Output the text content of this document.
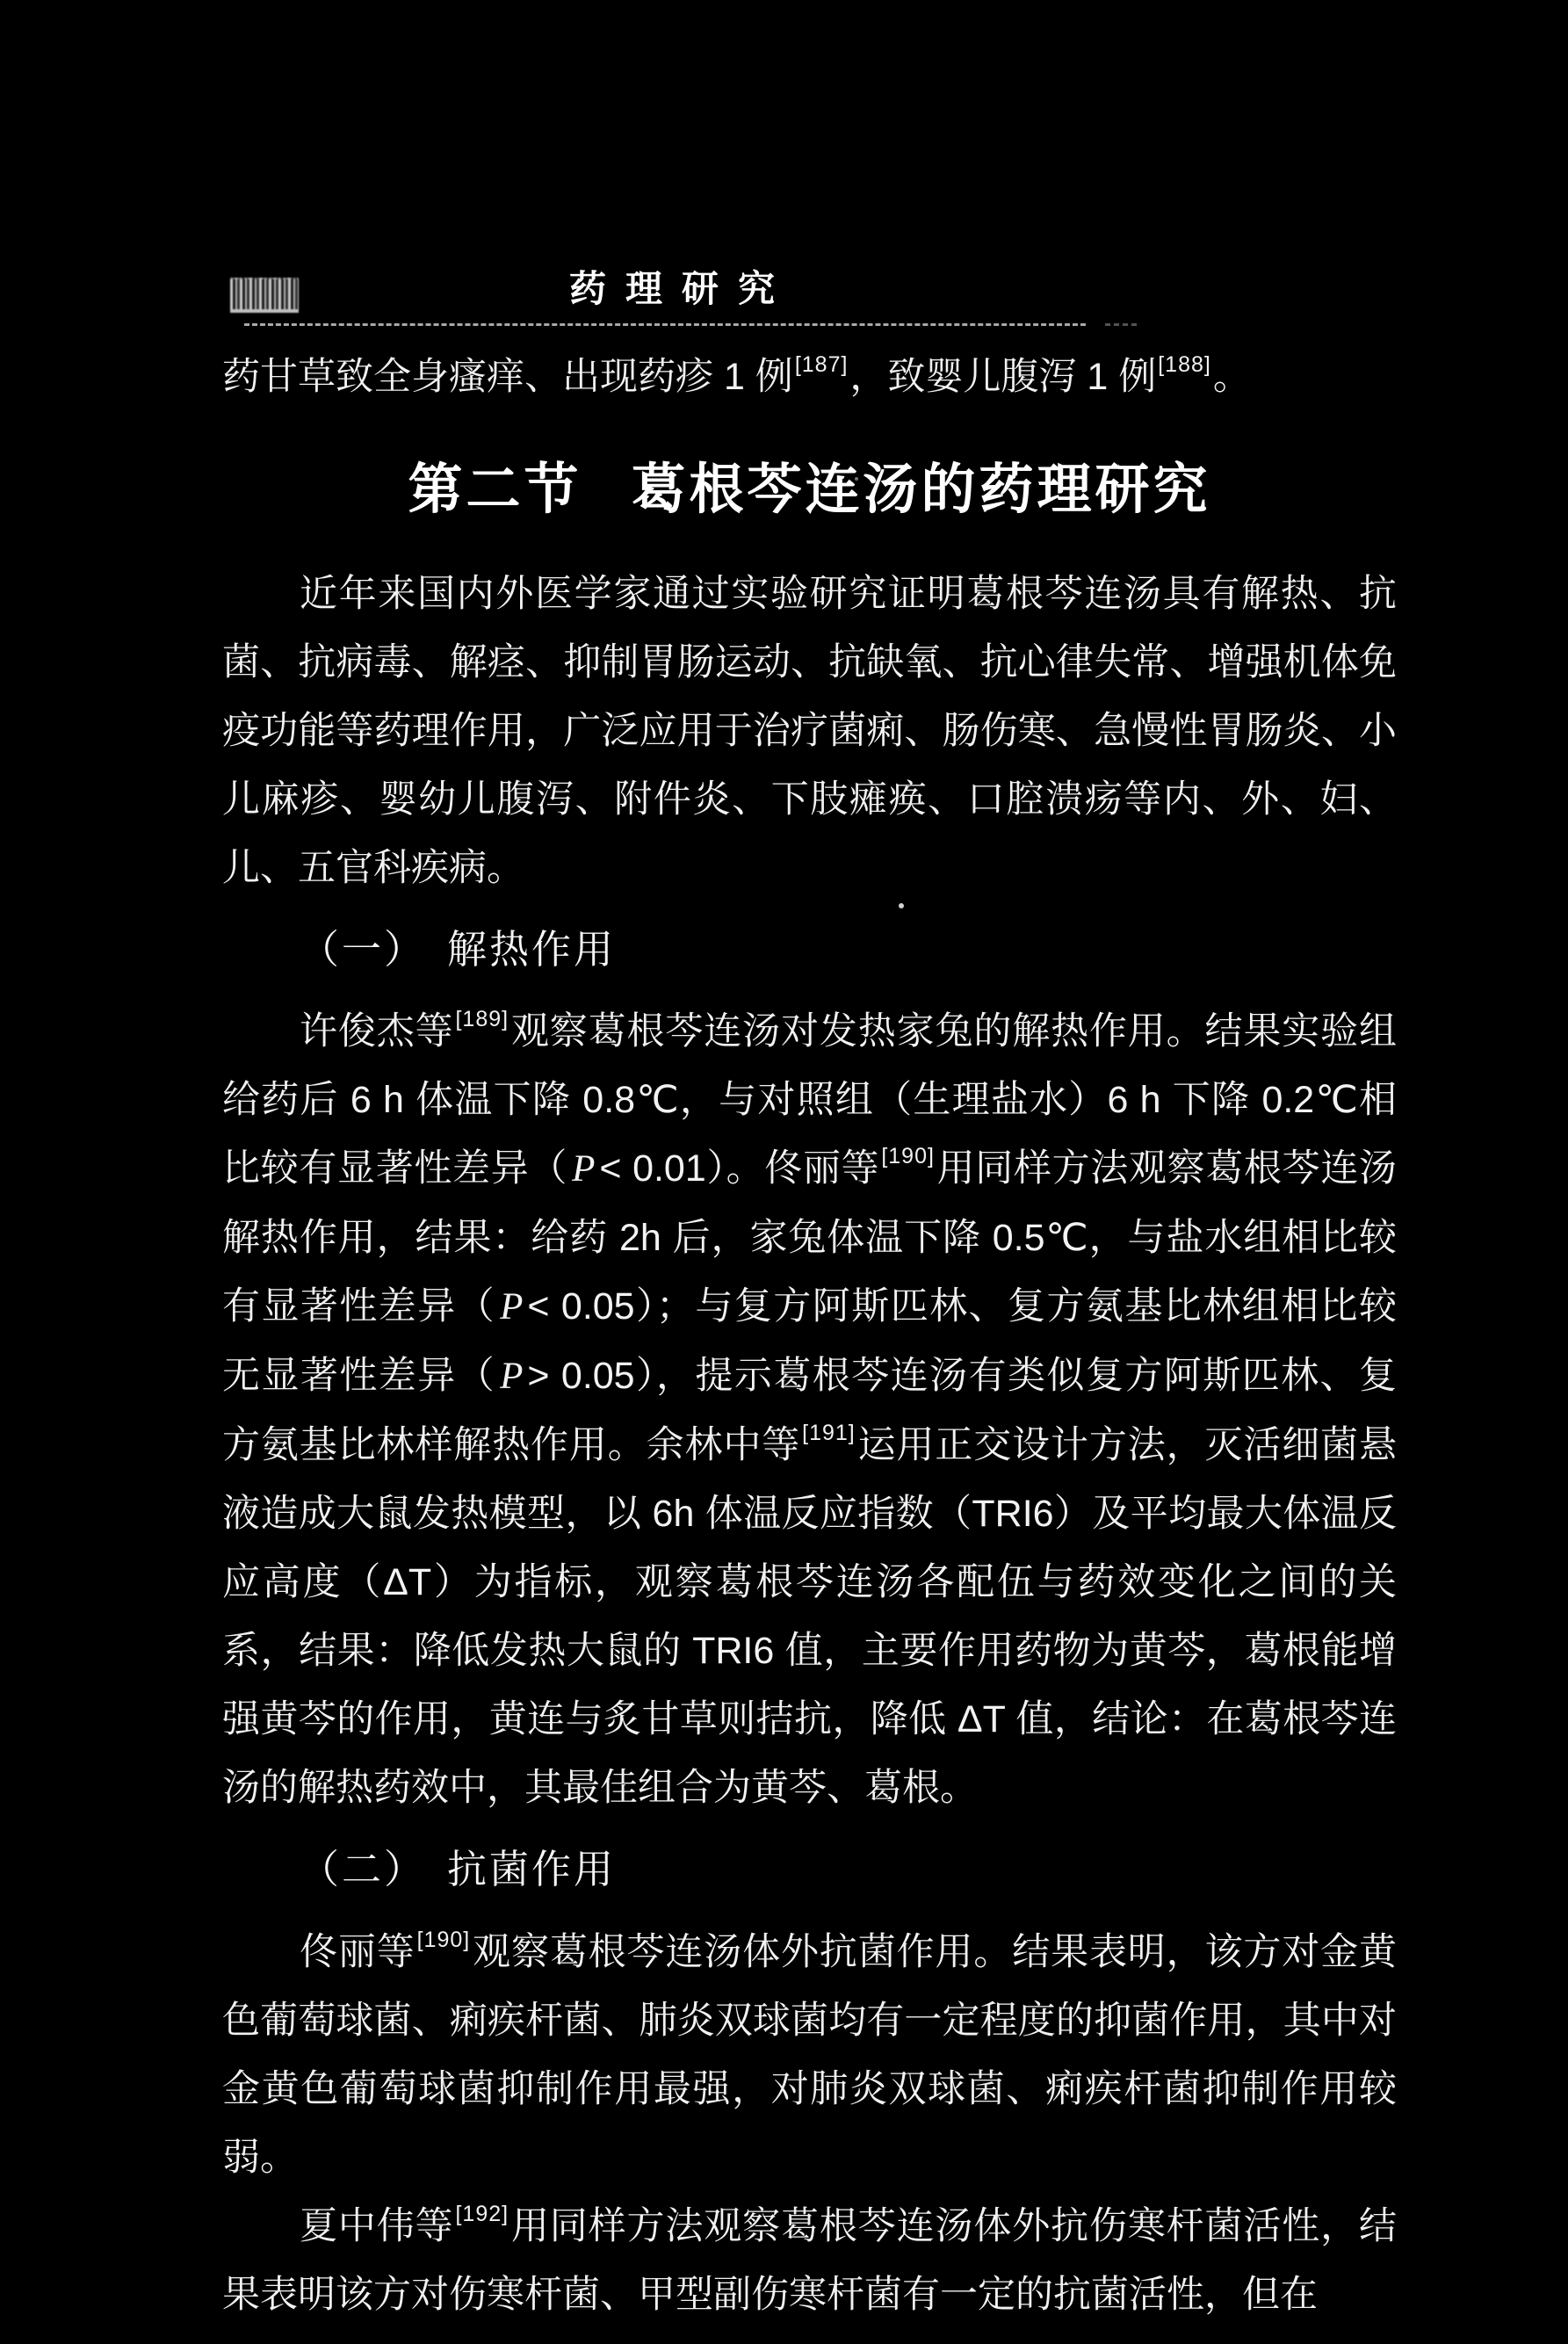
药理研究

药甘草致全身瘙痒、出现药疹 1 例[187]，致婴儿腹泻 1 例[188]。

第二节 葛根芩连汤的药理研究

近年来国内外医学家通过实验研究证明葛根芩连汤具有解热、抗菌、抗病毒、解痉、抑制胃肠运动、抗缺氧、抗心律失常、增强机体免疫功能等药理作用，广泛应用于治疗菌痢、肠伤寒、急慢性胃肠炎、小儿麻疹、婴幼儿腹泻、附件炎、下肢瘫痪、口腔溃疡等内、外、妇、儿、五官科疾病。

（一） 解热作用

许俊杰等[189]观察葛根芩连汤对发热家兔的解热作用。结果实验组给药后 6 h 体温下降 0.8℃，与对照组（生理盐水）6 h 下降 0.2℃相比较有显著性差异（ P < 0.01）。佟丽等[190]用同样方法观察葛根芩连汤解热作用，结果：给药 2h 后，家兔体温下降 0.5℃，与盐水组相比较有显著性差异（ P < 0.05）；与复方阿斯匹林、复方氨基比林组相比较无显著性差异（ P > 0.05），提示葛根芩连汤有类似复方阿斯匹林、复方氨基比林样解热作用。余林中等[191]运用正交设计方法，灭活细菌悬液造成大鼠发热模型，以 6h 体温反应指数（TRI6）及平均最大体温反应高度（ΔT）为指标，观察葛根芩连汤各配伍与药效变化之间的关系，结果：降低发热大鼠的 TRI6 值，主要作用药物为黄芩，葛根能增强黄芩的作用，黄连与炙甘草则拮抗，降低 ΔT 值，结论：在葛根芩连汤的解热药效中，其最佳组合为黄芩、葛根。

（二） 抗菌作用

佟丽等[190]观察葛根芩连汤体外抗菌作用。结果表明，该方对金黄色葡萄球菌、痢疾杆菌、肺炎双球菌均有一定程度的抑菌作用，其中对金黄色葡萄球菌抑制作用最强，对肺炎双球菌、痢疾杆菌抑制作用较弱。

夏中伟等[192]用同样方法观察葛根芩连汤体外抗伤寒杆菌活性，结果表明该方对伤寒杆菌、甲型副伤寒杆菌有一定的抗菌活性，但在
